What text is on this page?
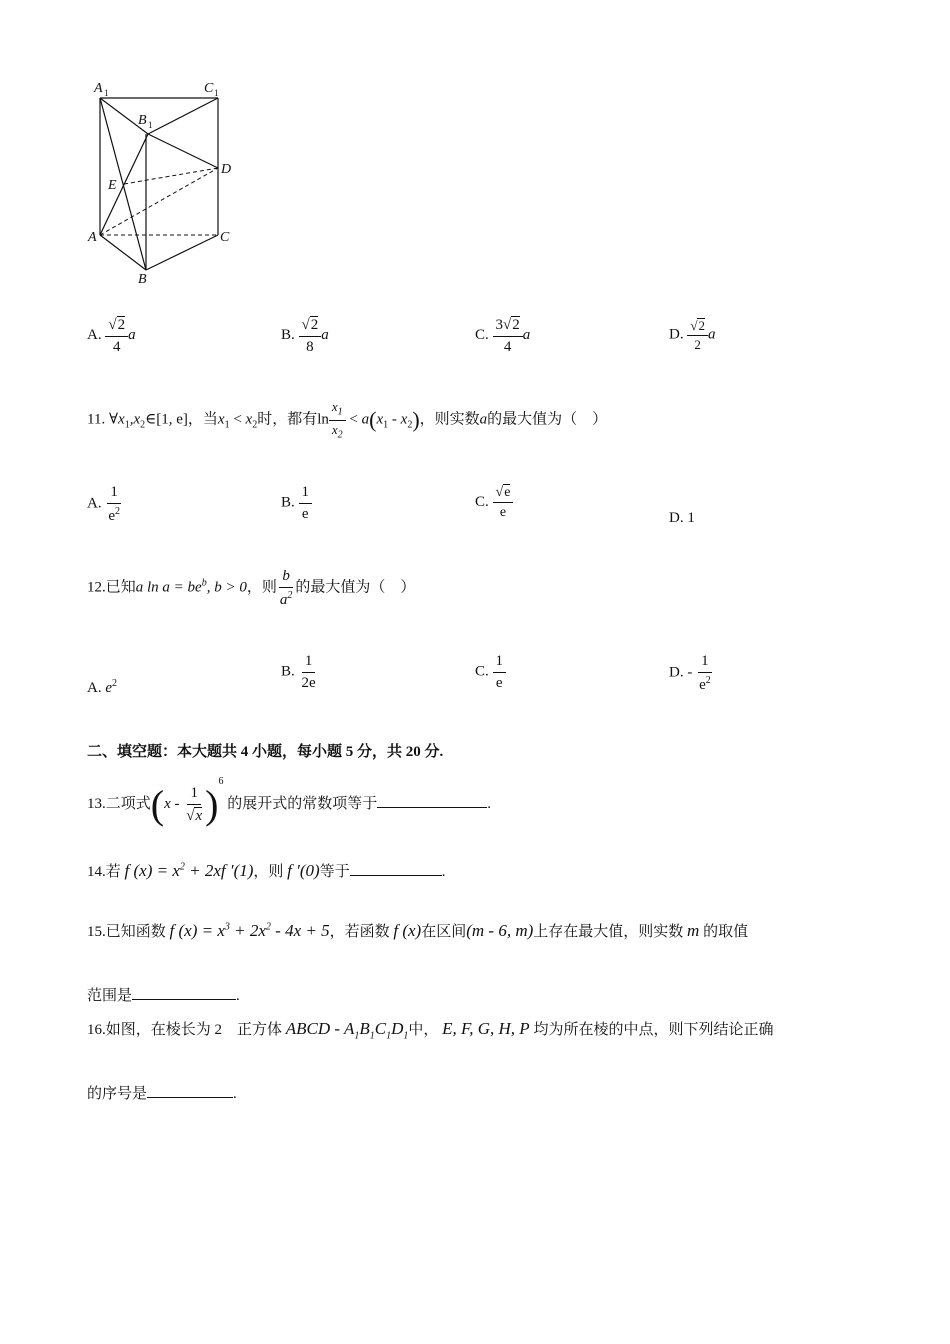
A 1	C 1
B 1
D
E
A	C
B
A. $\frac{√2}{4}$ a	B. $\frac{√2}{8}$ a	C. $\frac{3√2}{4}$ a	D. $\frac{√2}{2}$ a
11. $\forall x_1,x_2\in[1$, e]，当$x_1 < x_2$时，都有$\ln \frac{x_1}{x_2} < a(x_1 - x_2)$，则实数a的最大值为（　）
A. $\frac{1}{e^2}$	B. $\frac{1}{e}$	C. $\frac{√e}{e}$	D. 1
12.已知a $\ln a = be^b$, b > 0，则 $\frac{b}{a^2}$ 的最大值为（　）
A. $e^2$
B. $\frac{1}{2e}$	C. $\frac{1}{e}$	D. - $\frac{1}{e^2}$
二、填空题：本大题共 4 小题，每小题 5 分，共 20 分.
13.二项式$(x - \frac{1}{√x} )^6$ 的展开式的常数项等于	.
14.若 f $(x) = x^2 + 2xf$ ′(1)，则 f ′(0)等于	.
15.已知函数 f $(x) = x^3 + 2x^2 - 4x + 5$，若函数 f (x)在区间(m - 6, m)上存在最大值，则实数 m 的取值
范围是	.
16.如图，在棱长为 2　正方体 ABCD - $A_1B_1C_1D_1$中， E, F, G, H, P 均为所在棱的中点，则下列结论正确
的序号是	.
